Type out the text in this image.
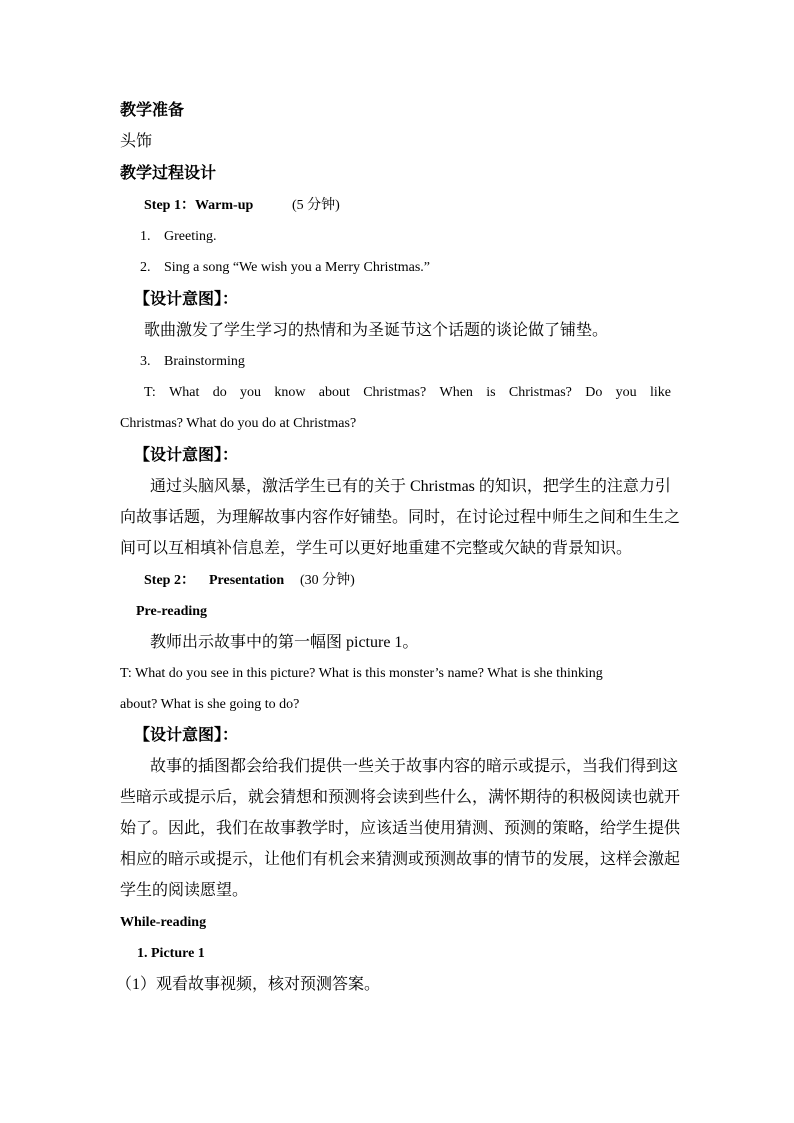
教学准备
头饰
教学过程设计
Step 1：Warm-up	(5 分钟)
1. Greeting.
2. Sing a song “We wish you a Merry Christmas.”
【设计意图】：
歌曲激发了学生学习的热情和为圣诞节这个话题的谈论做了铺垫。
3. Brainstorming
T: What do you know about Christmas? When is Christmas? Do you like
Christmas? What do you do at Christmas?
【设计意图】：
通过头脑风暴，激活学生已有的关于 Christmas 的知识，把学生的注意力引
向故事话题，为理解故事内容作好铺垫。同时，在讨论过程中师生之间和生生之
间可以互相填补信息差，学生可以更好地重建不完整或欠缺的背景知识。
Step 2： Presentation (30 分钟)
Pre-reading
教师出示故事中的第一幅图 picture 1。
T: What do you see in this picture? What is this monster’s name? What is she thinking
about? What is she going to do?
【设计意图】：
故事的插图都会给我们提供一些关于故事内容的暗示或提示，当我们得到这
些暗示或提示后，就会猜想和预测将会读到些什么，满怀期待的积极阅读也就开
始了。因此，我们在故事教学时，应该适当使用猜测、预测的策略，给学生提供
相应的暗示或提示，让他们有机会来猜测或预测故事的情节的发展，这样会激起
学生的阅读愿望。
While-reading
1. Picture 1
（1）观看故事视频，核对预测答案。
